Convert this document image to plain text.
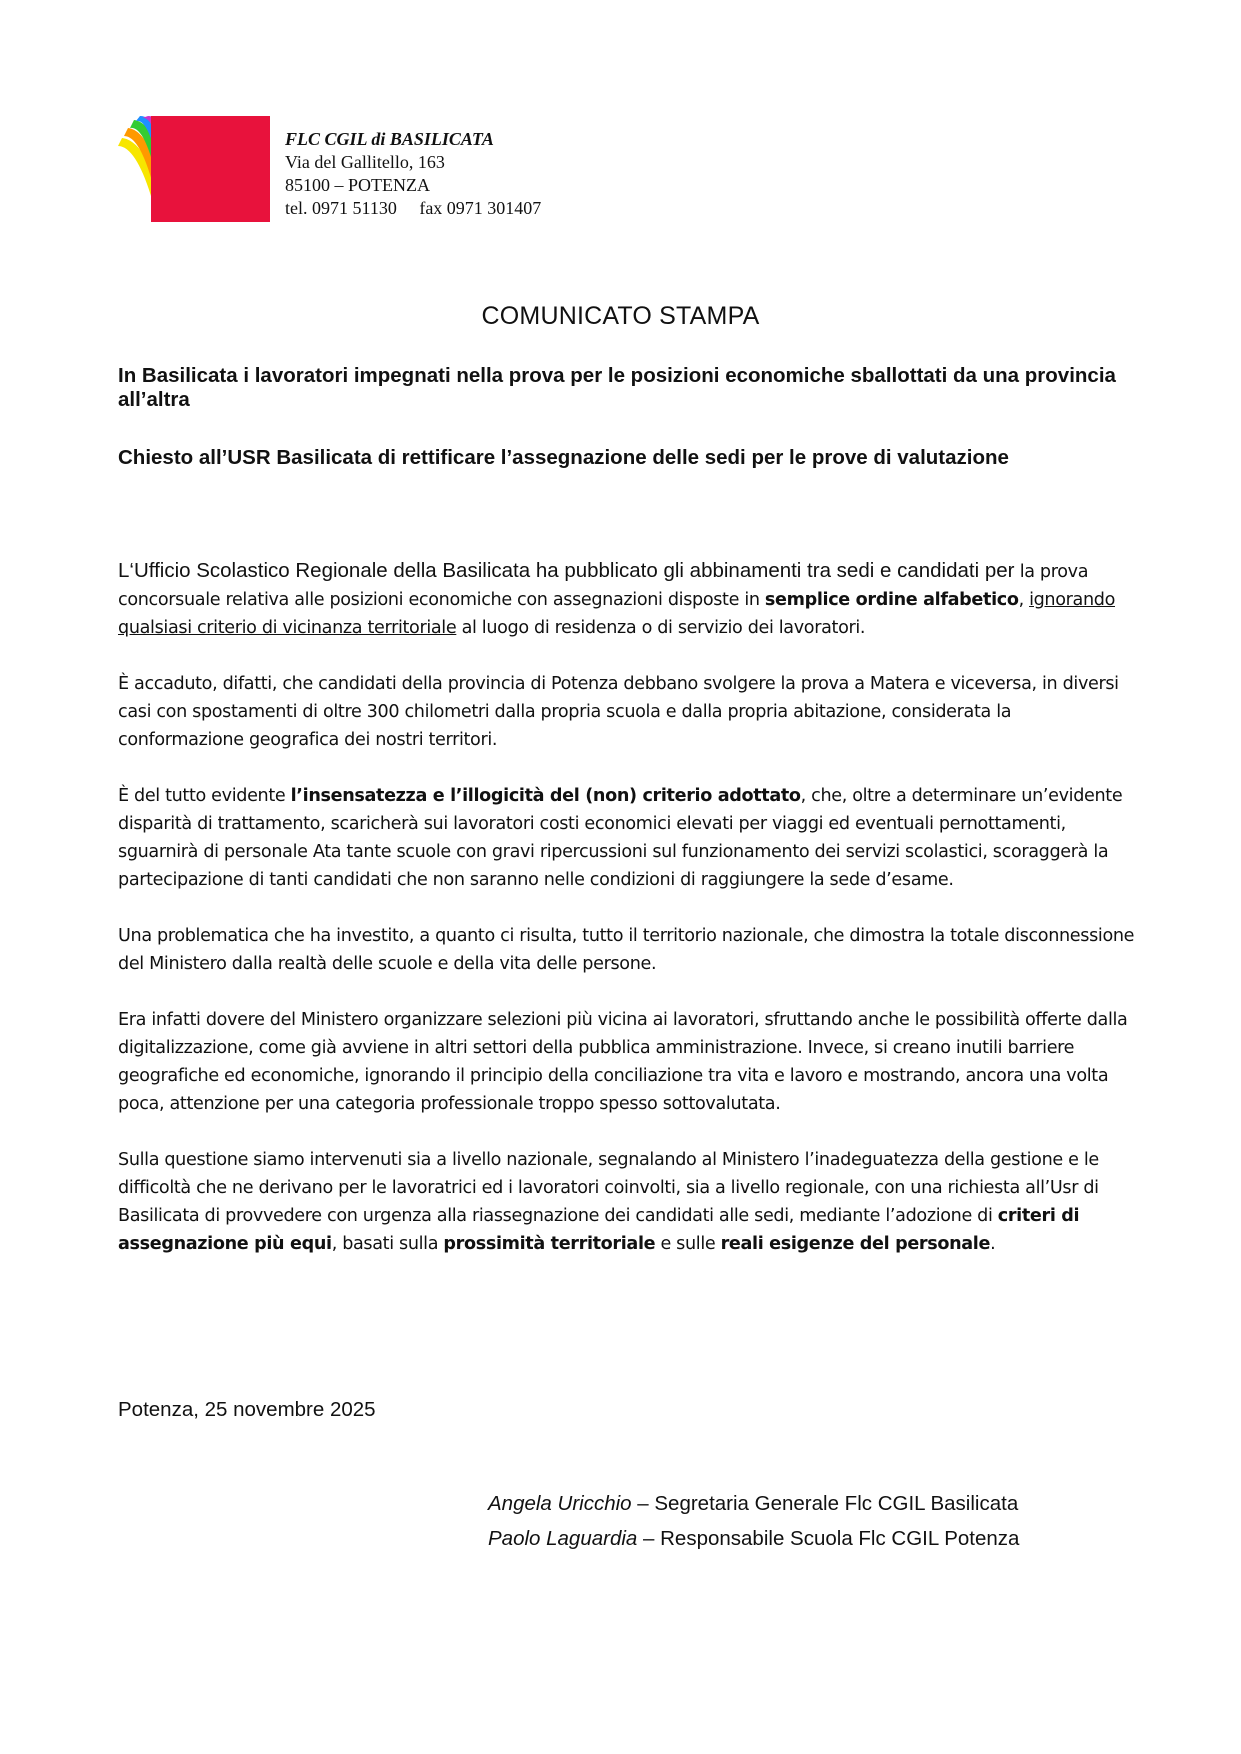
FLC CGIL di BASILICATA
Via del Gallitello, 163
85100 – POTENZA
tel. 0971 51130     fax 0971 301407
COMUNICATO STAMPA
In Basilicata i lavoratori impegnati nella prova per le posizioni economiche sballottati da una provincia all’altra
Chiesto all’USR Basilicata di rettificare l’assegnazione delle sedi per le prove di valutazione

L‘Ufficio Scolastico Regionale della Basilicata ha pubblicato gli abbinamenti tra sedi e candidati per la prova concorsuale relativa alle posizioni economiche con assegnazioni disposte in semplice ordine alfabetico, ignorando qualsiasi criterio di vicinanza territoriale al luogo di residenza o di servizio dei lavoratori.

È accaduto, difatti, che candidati della provincia di Potenza debbano svolgere la prova a Matera e viceversa, in diversi casi con spostamenti di oltre 300 chilometri dalla propria scuola e dalla propria abitazione, considerata la conformazione geografica dei nostri territori.

È del tutto evidente l’insensatezza e l’illogicità del (non) criterio adottato, che, oltre a determinare un’evidente disparità di trattamento, scaricherà sui lavoratori costi economici elevati per viaggi ed eventuali pernottamenti, sguarnirà di personale Ata tante scuole con gravi ripercussioni sul funzionamento dei servizi scolastici, scoraggerà la partecipazione di tanti candidati che non saranno nelle condizioni di raggiungere la sede d’esame.

Una problematica che ha investito, a quanto ci risulta, tutto il territorio nazionale, che dimostra la totale disconnessione del Ministero dalla realtà delle scuole e della vita delle persone.

Era infatti dovere del Ministero organizzare selezioni più vicina ai lavoratori, sfruttando anche le possibilità offerte dalla digitalizzazione, come già avviene in altri settori della pubblica amministrazione. Invece, si creano inutili barriere geografiche ed economiche, ignorando il principio della conciliazione tra vita e lavoro e mostrando, ancora una volta poca, attenzione per una categoria professionale troppo spesso sottovalutata.

Sulla questione siamo intervenuti sia a livello nazionale, segnalando al Ministero l’inadeguatezza della gestione e le difficoltà che ne derivano per le lavoratrici ed i lavoratori coinvolti, sia a livello regionale, con una richiesta all’Usr di Basilicata di provvedere con urgenza alla riassegnazione dei candidati alle sedi, mediante l’adozione di criteri di assegnazione più equi, basati sulla prossimità territoriale e sulle reali esigenze del personale.

Potenza, 25 novembre 2025
Angela Uricchio – Segretaria Generale Flc CGIL Basilicata
Paolo Laguardia – Responsabile Scuola Flc CGIL Potenza
